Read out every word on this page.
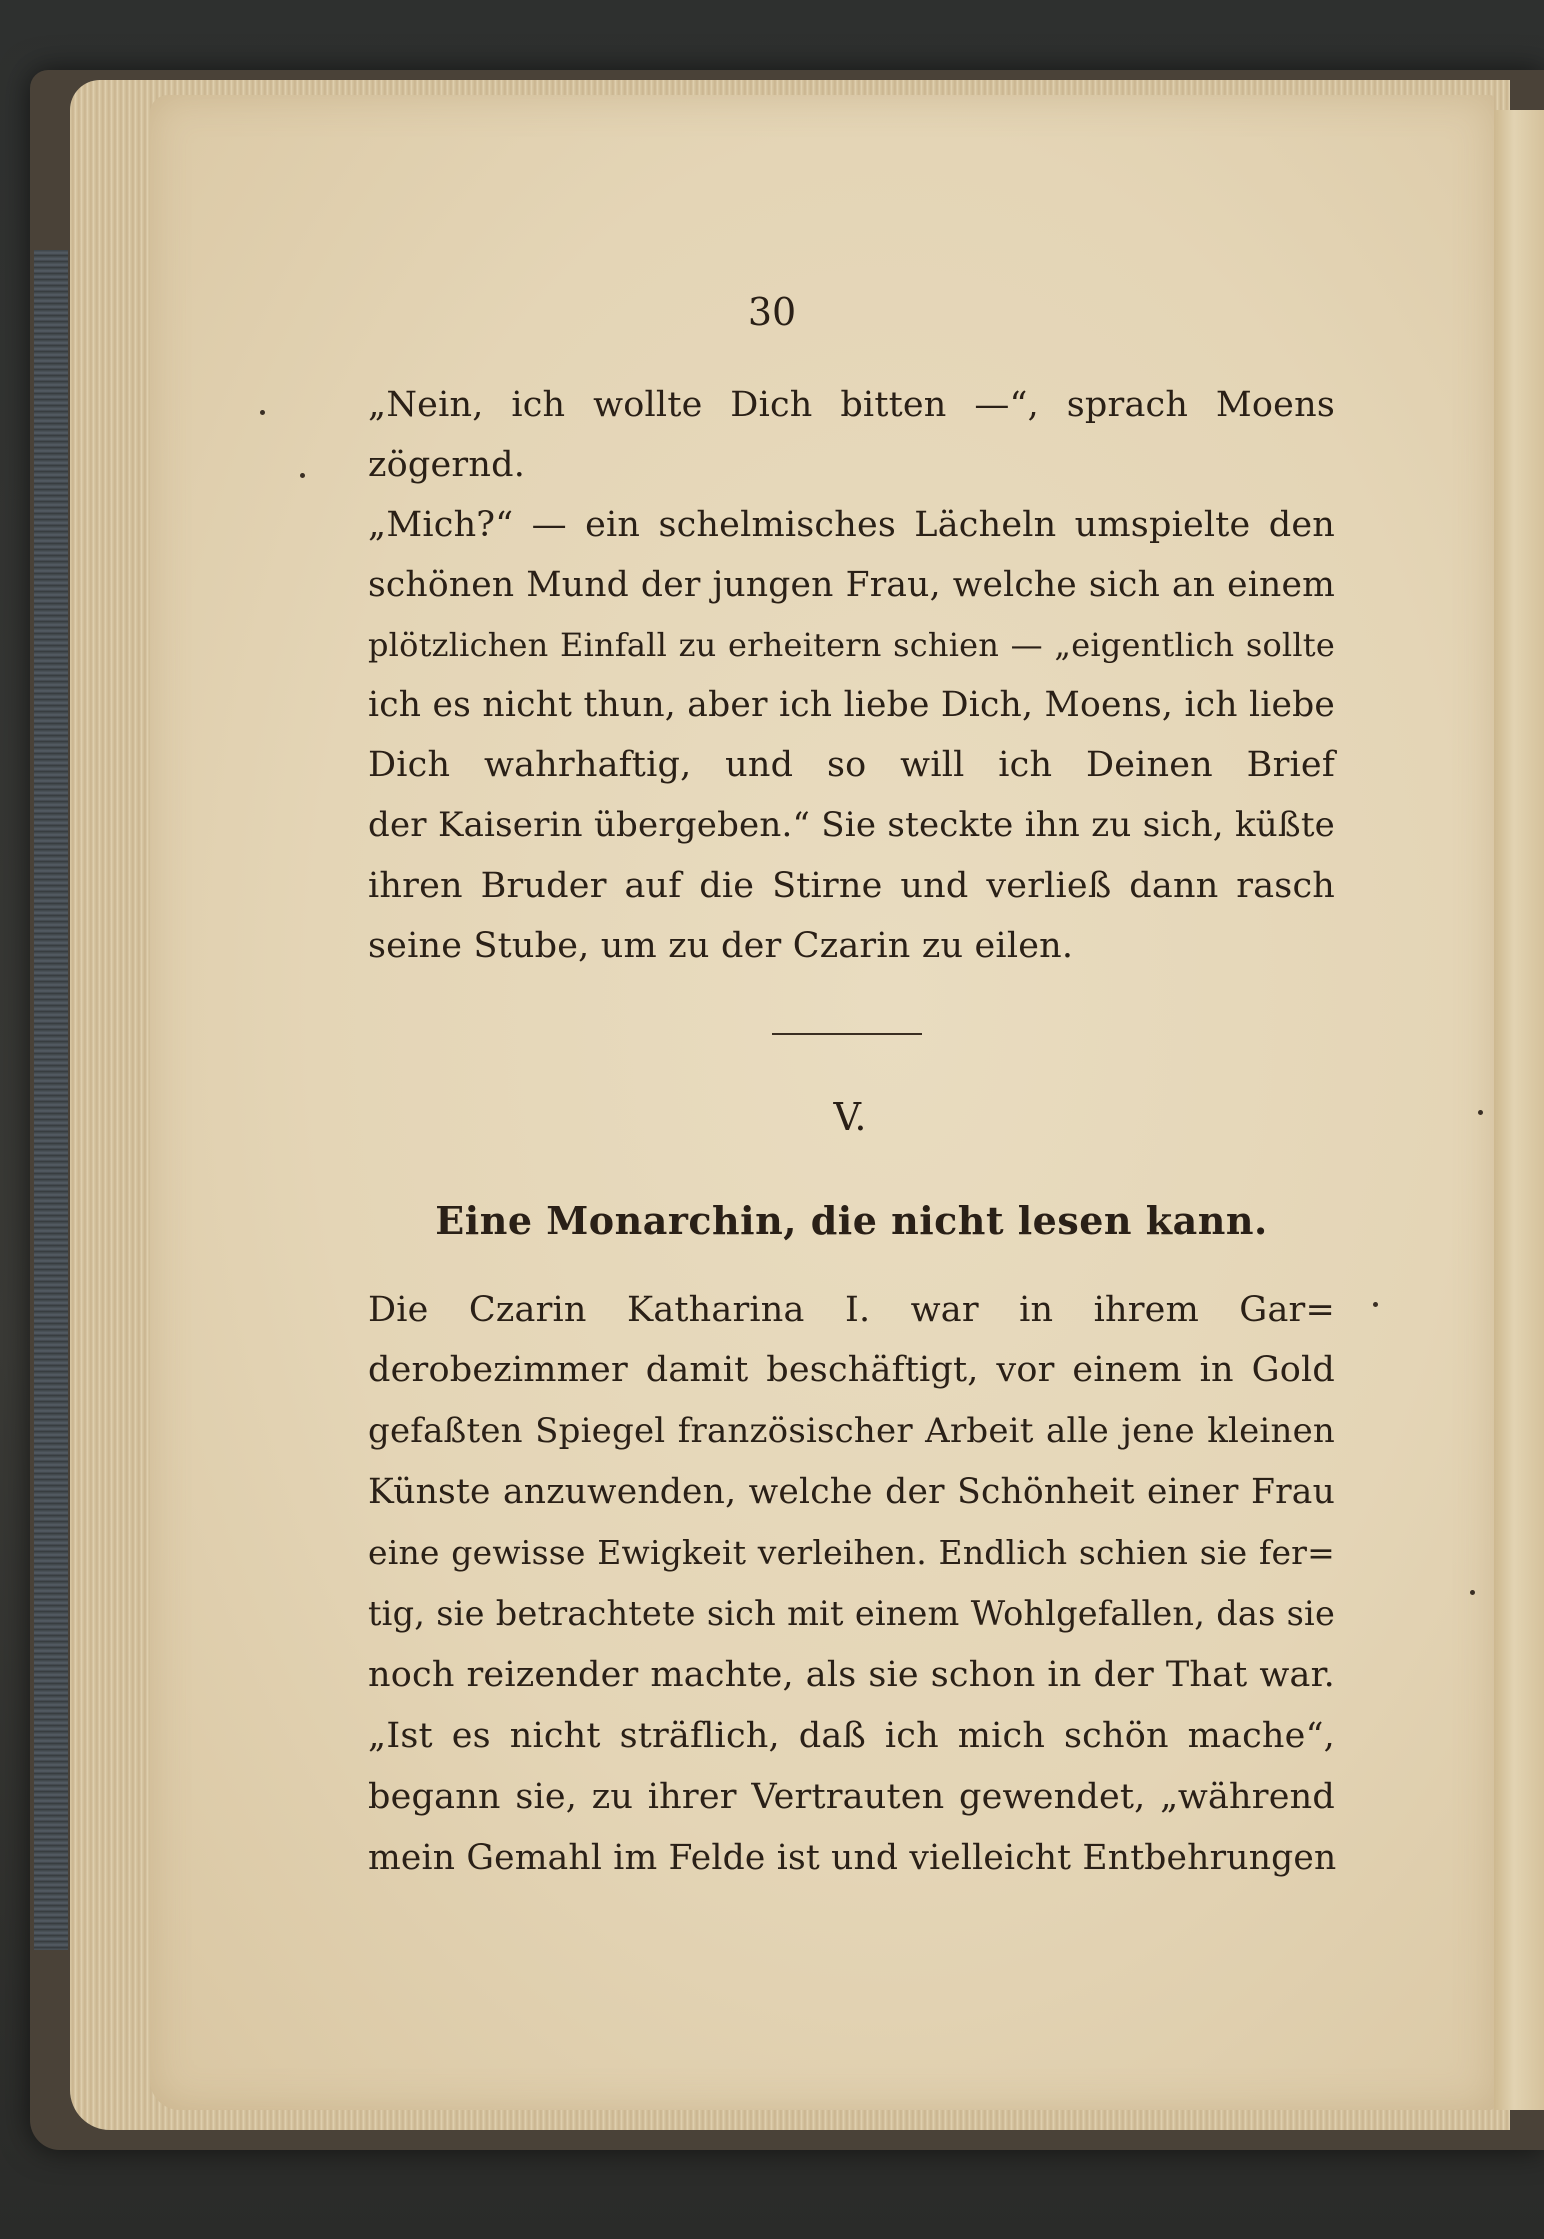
30
„Nein, ich wollte Dich bitten —“, sprach Moens
zögernd.
„Mich?“ — ein schelmisches Lächeln umspielte den
schönen Mund der jungen Frau, welche sich an einem
plötzlichen Einfall zu erheitern schien — „eigentlich sollte
ich es nicht thun, aber ich liebe Dich, Moens, ich liebe
Dich wahrhaftig, und so will ich Deinen Brief
der Kaiserin übergeben.“ Sie steckte ihn zu sich, küßte
ihren Bruder auf die Stirne und verließ dann rasch
seine Stube, um zu der Czarin zu eilen.
V.
Eine Monarchin, die nicht lesen kann.
Die Czarin Katharina I. war in ihrem Gar=
derobezimmer damit beschäftigt, vor einem in Gold
gefaßten Spiegel französischer Arbeit alle jene kleinen
Künste anzuwenden, welche der Schönheit einer Frau
eine gewisse Ewigkeit verleihen. Endlich schien sie fer=
tig, sie betrachtete sich mit einem Wohlgefallen, das sie
noch reizender machte, als sie schon in der That war.
„Ist es nicht sträflich, daß ich mich schön mache“,
begann sie, zu ihrer Vertrauten gewendet, „während
mein Gemahl im Felde ist und vielleicht Entbehrungen
